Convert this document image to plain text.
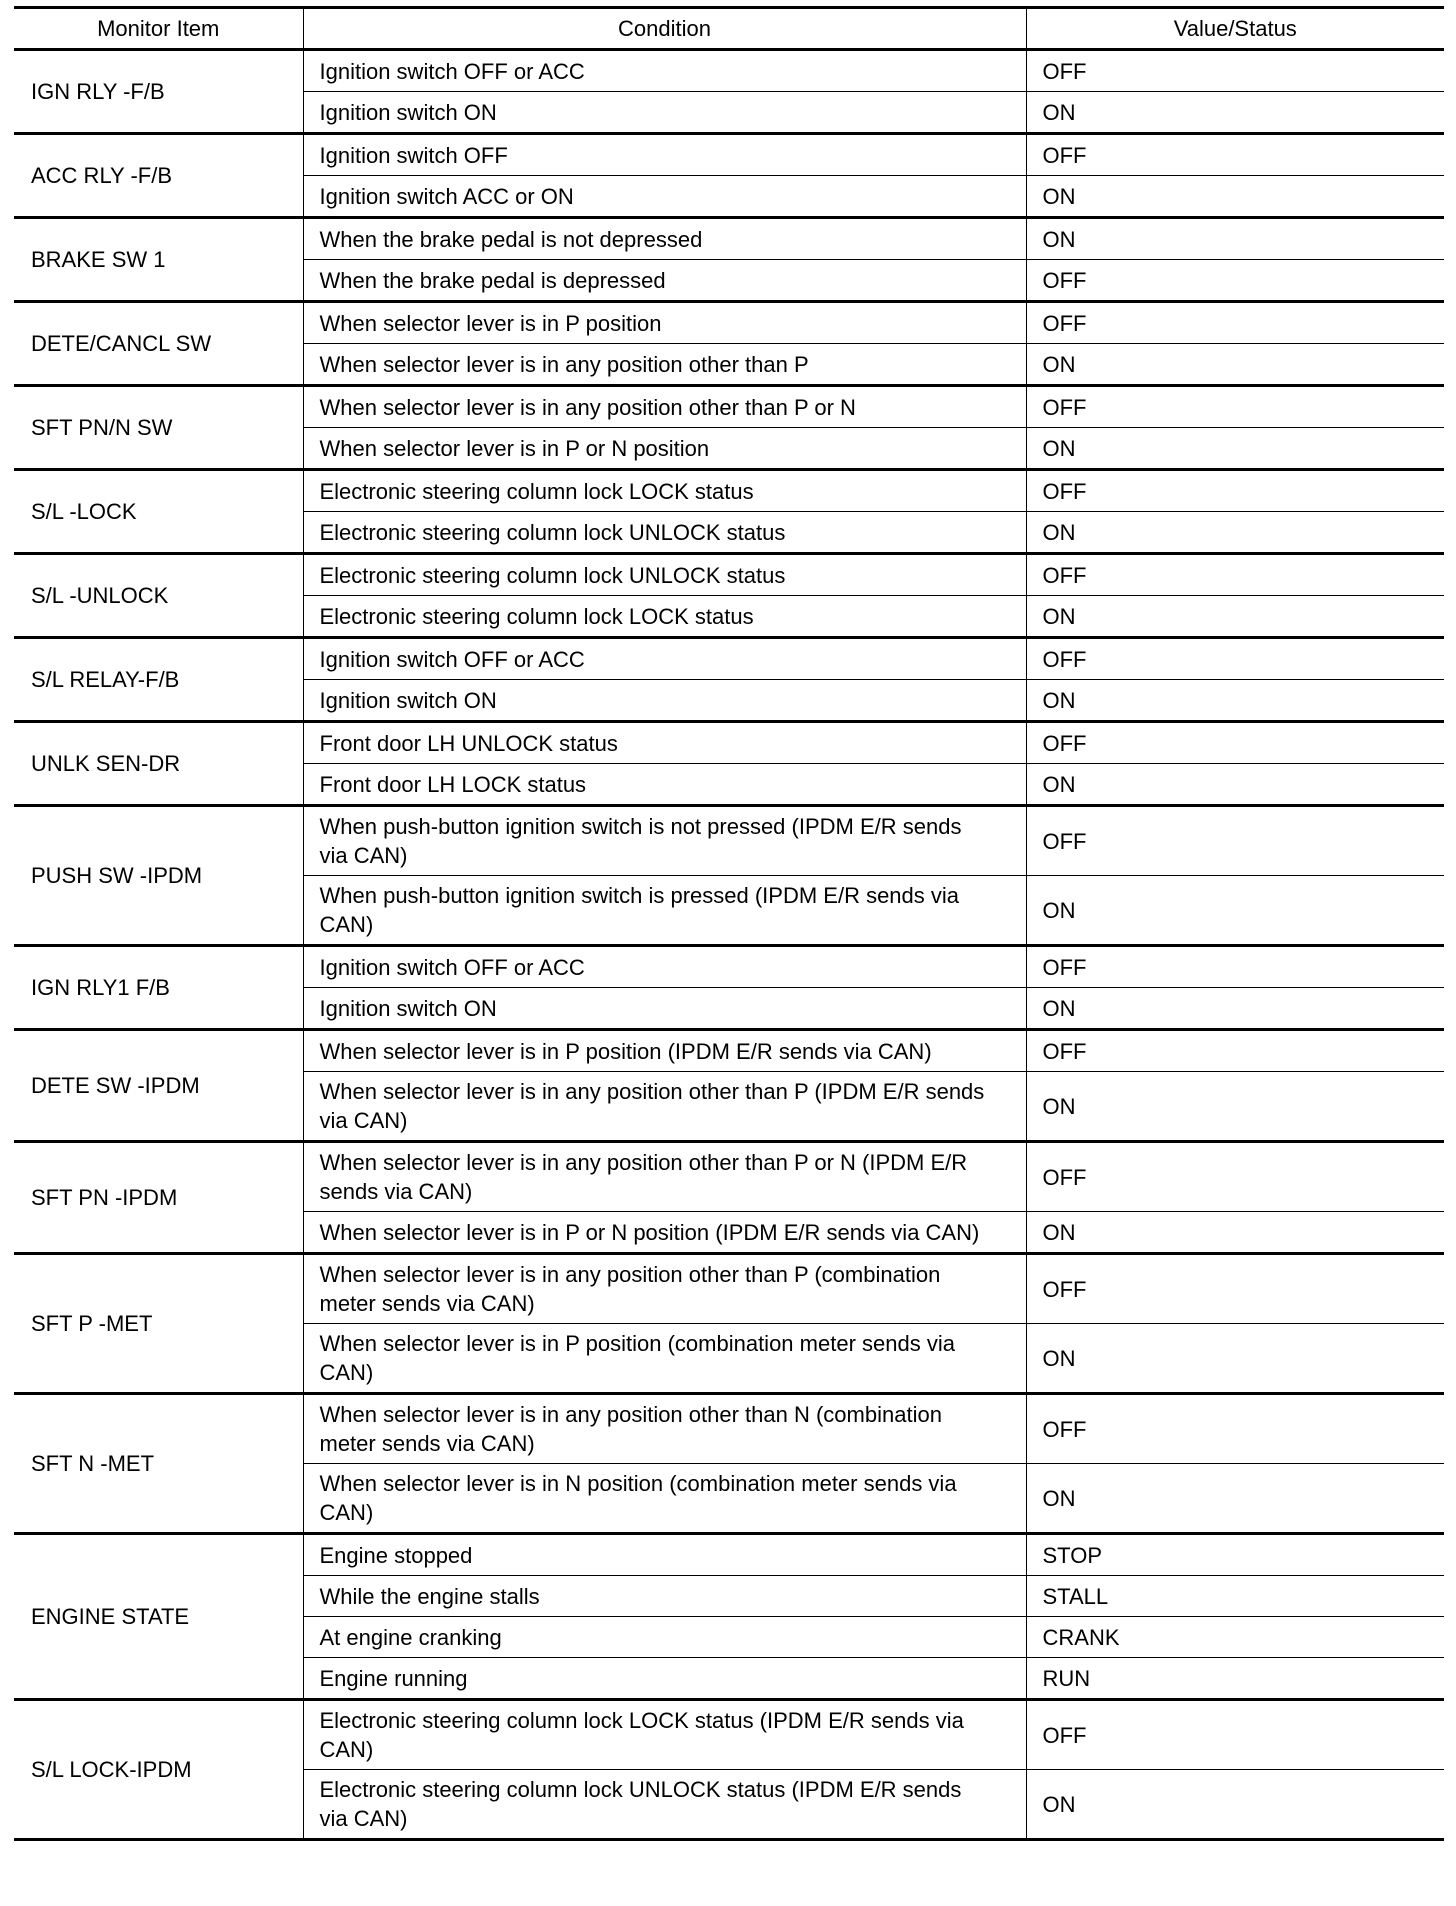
Monitor Item	Condition	Value/Status
IGN RLY -F/B	Ignition switch OFF or ACC	OFF
	Ignition switch ON	ON
ACC RLY -F/B	Ignition switch OFF	OFF
	Ignition switch ACC or ON	ON
BRAKE SW 1	When the brake pedal is not depressed	ON
	When the brake pedal is depressed	OFF
DETE/CANCL SW	When selector lever is in P position	OFF
	When selector lever is in any position other than P	ON
SFT PN/N SW	When selector lever is in any position other than P or N	OFF
	When selector lever is in P or N position	ON
S/L -LOCK	Electronic steering column lock LOCK status	OFF
	Electronic steering column lock UNLOCK status	ON
S/L -UNLOCK	Electronic steering column lock UNLOCK status	OFF
	Electronic steering column lock LOCK status	ON
S/L RELAY-F/B	Ignition switch OFF or ACC	OFF
	Ignition switch ON	ON
UNLK SEN-DR	Front door LH UNLOCK status	OFF
	Front door LH LOCK status	ON
PUSH SW -IPDM	When push-button ignition switch is not pressed (IPDM E/R sends
via CAN)	OFF

	When push-button ignition switch is pressed (IPDM E/R sends via
CAN)	ON
IGN RLY1 F/B	Ignition switch OFF or ACC	OFF
	Ignition switch ON	ON
DETE SW -IPDM	When selector lever is in P position (IPDM E/R sends via CAN)	OFF

	When selector lever is in any position other than P (IPDM E/R sends
via CAN)	ON
SFT PN -IPDM	When selector lever is in any position other than P or N (IPDM E/R
sends via CAN)	OFF
	When selector lever is in P or N position (IPDM E/R sends via CAN)	ON
SFT P -MET	When selector lever is in any position other than P (combination
meter sends via CAN)	OFF

	When selector lever is in P position (combination meter sends via
CAN)	ON
SFT N -MET	When selector lever is in any position other than N (combination
meter sends via CAN)	OFF

	When selector lever is in N position (combination meter sends via
CAN)	ON
ENGINE STATE	Engine stopped	STOP
	While the engine stalls	STALL
	At engine cranking	CRANK
	Engine running	RUN
S/L LOCK-IPDM	Electronic steering column lock LOCK status (IPDM E/R sends via
CAN)	OFF

	Electronic steering column lock UNLOCK status (IPDM E/R sends
via CAN)	ON
